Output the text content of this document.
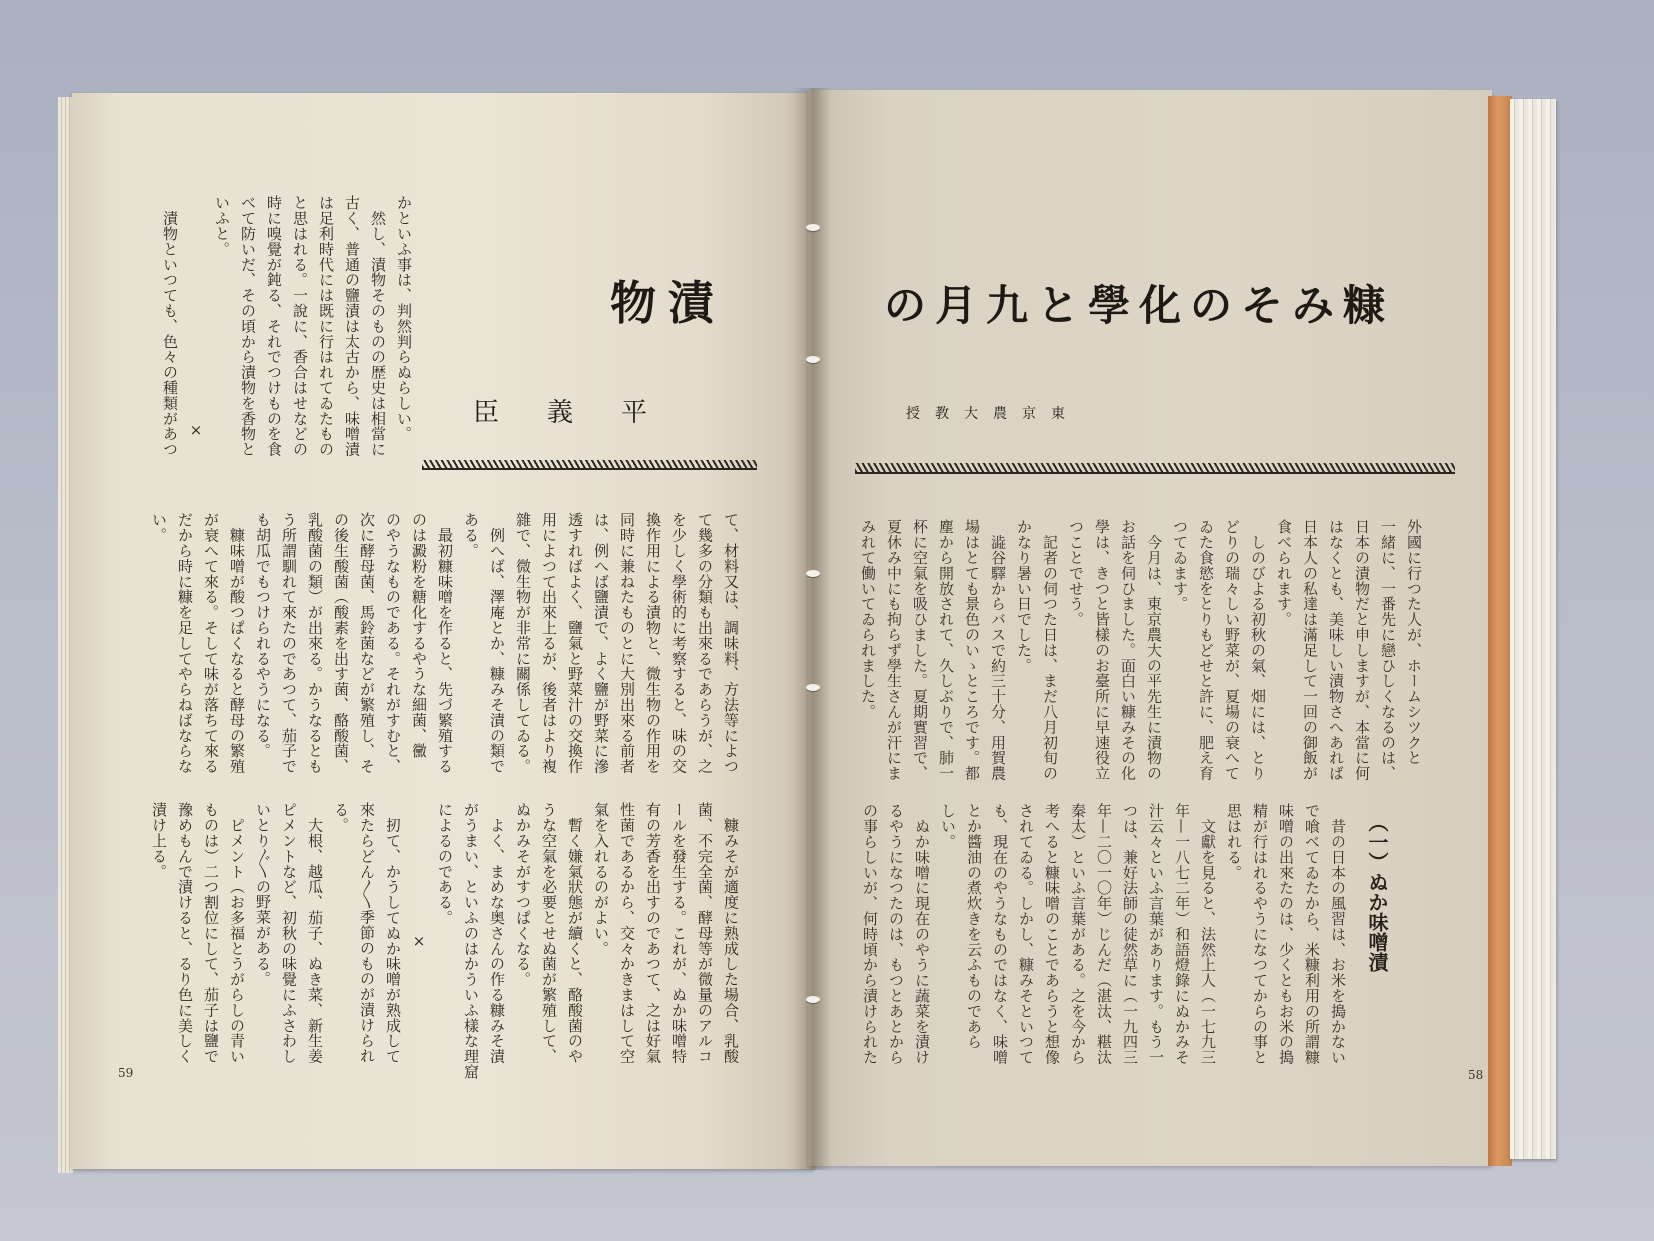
糠みその化學と九月の
漬物
東京農大教授
平義臣
外國に行つた人が、ホームシツクと
一緒に、一番先に戀ひしくなるのは、
日本の漬物だと申しますが、本當に何
はなくとも、美味しい漬物さへあれば
日本人の私達は滿足して一回の御飯が
食べられます。
　しのびよる初秋の氣、畑には、とり
どりの瑞々しい野菜が、夏場の衰へて
ゐた食慾をとりもどせと許に、肥え育
つてゐます。
　今月は、東京農大の平先生に漬物の
お話を伺ひました。面白い糠みその化
學は、きつと皆樣のお臺所に早速役立
つことでせう。
　記者の伺つた日は、まだ八月初旬の
かなり暑い日でした。
　澁谷驛からバスで約三十分、用賀農
場はとても景色のいゝところです。都
塵から開放されて、久しぶりで、肺一
杯に空氣を吸ひました。夏期實習で、
夏休み中にも拘らず學生さんが汗にま
みれて働いてゐられました。
（一）ぬか味噌漬
　昔の日本の風習は、お米を搗かない
で喰べてゐたから、米糠利用の所謂糠
味噌の出來たのは、少くともお米の搗
精が行はれるやうになつてからの事と
思はれる。
　文獻を見ると、法然上人（一七九三
年—一八七二年）和語燈錄にぬかみそ
汁云々といふ言葉があります。もう一
つは、兼好法師の徒然草に（一九四三
年—二〇一〇年）じんだ（湛汰、糂汰
秦太）といふ言葉がある。之を今から
考へると糠味噌のことであらうと想像
されてゐる。しかし、糠みそといつて
も、現在のやうなものではなく、味噌
とか醬油の煮炊きを云ふものであら
しい。
　ぬか味噌に現在のやうに蔬菜を漬け
るやうになつたのは、もつとあとから
の事らしいが、何時頃から漬けられた
かといふ事は、判然判らぬらしい。
　然し、漬物そのものの歴史は相當に
古く、普通の鹽漬は太古から、味噌漬
は足利時代には既に行はれてゐたもの
と思はれる。一說に、香合はせなどの
時に嗅覺が鈍る、それでつけものを食
べて防いだ、その頃から漬物を香物と
いふと。
×
　漬物といつても、色々の種類があつ
て、材料又は、調味料、方法等によつ
て幾多の分類も出來るであらうが、之
を少しく學術的に考察すると、味の交
換作用による漬物と、微生物の作用を
同時に兼ねたものとに大別出來る前者
は、例へば鹽漬で、よく鹽が野菜に滲
透すればよく、鹽氣と野菜汁の交換作
用によつて出來上るが、後者はより複
雜で、微生物が非常に關係してゐる。
　例へば、澤庵とか、糠みそ漬の類で
ある。
　最初糠味噌を作ると、先づ繁殖する
のは澱粉を糖化するやうな細菌、黴
のやうなものである。それがすむと、
次に酵母菌、馬鈴菌などが繁殖し、そ
の後生酸菌（酸素を出す菌、酪酸菌、
乳酸菌の類）が出來る。かうなるとも
う所謂馴れて來たのであつて、茄子で
も胡瓜でもつけられるやうになる。
　糠味噌が酸つぱくなると酵母の繁殖
が衰へて來る。そして味が落ちて來る
だから時に糠を足してやらねばならな
い。
　糠みそが適度に熟成した場合、乳酸
菌、不完全菌、酵母等が微量のアルコ
ールを發生する。これが、ぬか味噌特
有の芳香を出すのであつて、之は好氣
性菌であるから、交々かきまはして空
氣を入れるのがよい。
　暫く嫌氣狀態が續くと、酪酸菌のや
うな空氣を必要とせぬ菌が繁殖して、
ぬかみそがすつぱくなる。
　よく、まめな奥さんの作る糠みそ漬
がうまい、といふのはかういふ樣な理窟
によるのである。
×
　扨て、かうしてぬか味噌が熟成して
來たらどん〳〵季節のものが漬けられ
る。
　大根、越瓜、茄子、ぬき菜、新生姜
ピメントなど、初秋の味覺にふさわし
いとり〴〵の野菜がある。
　ピメント（お多福とうがらしの青い
ものは）二つ割位にして、茄子は鹽で
豫めもんで漬けると、るり色に美しく
漬け上る。
59	58
